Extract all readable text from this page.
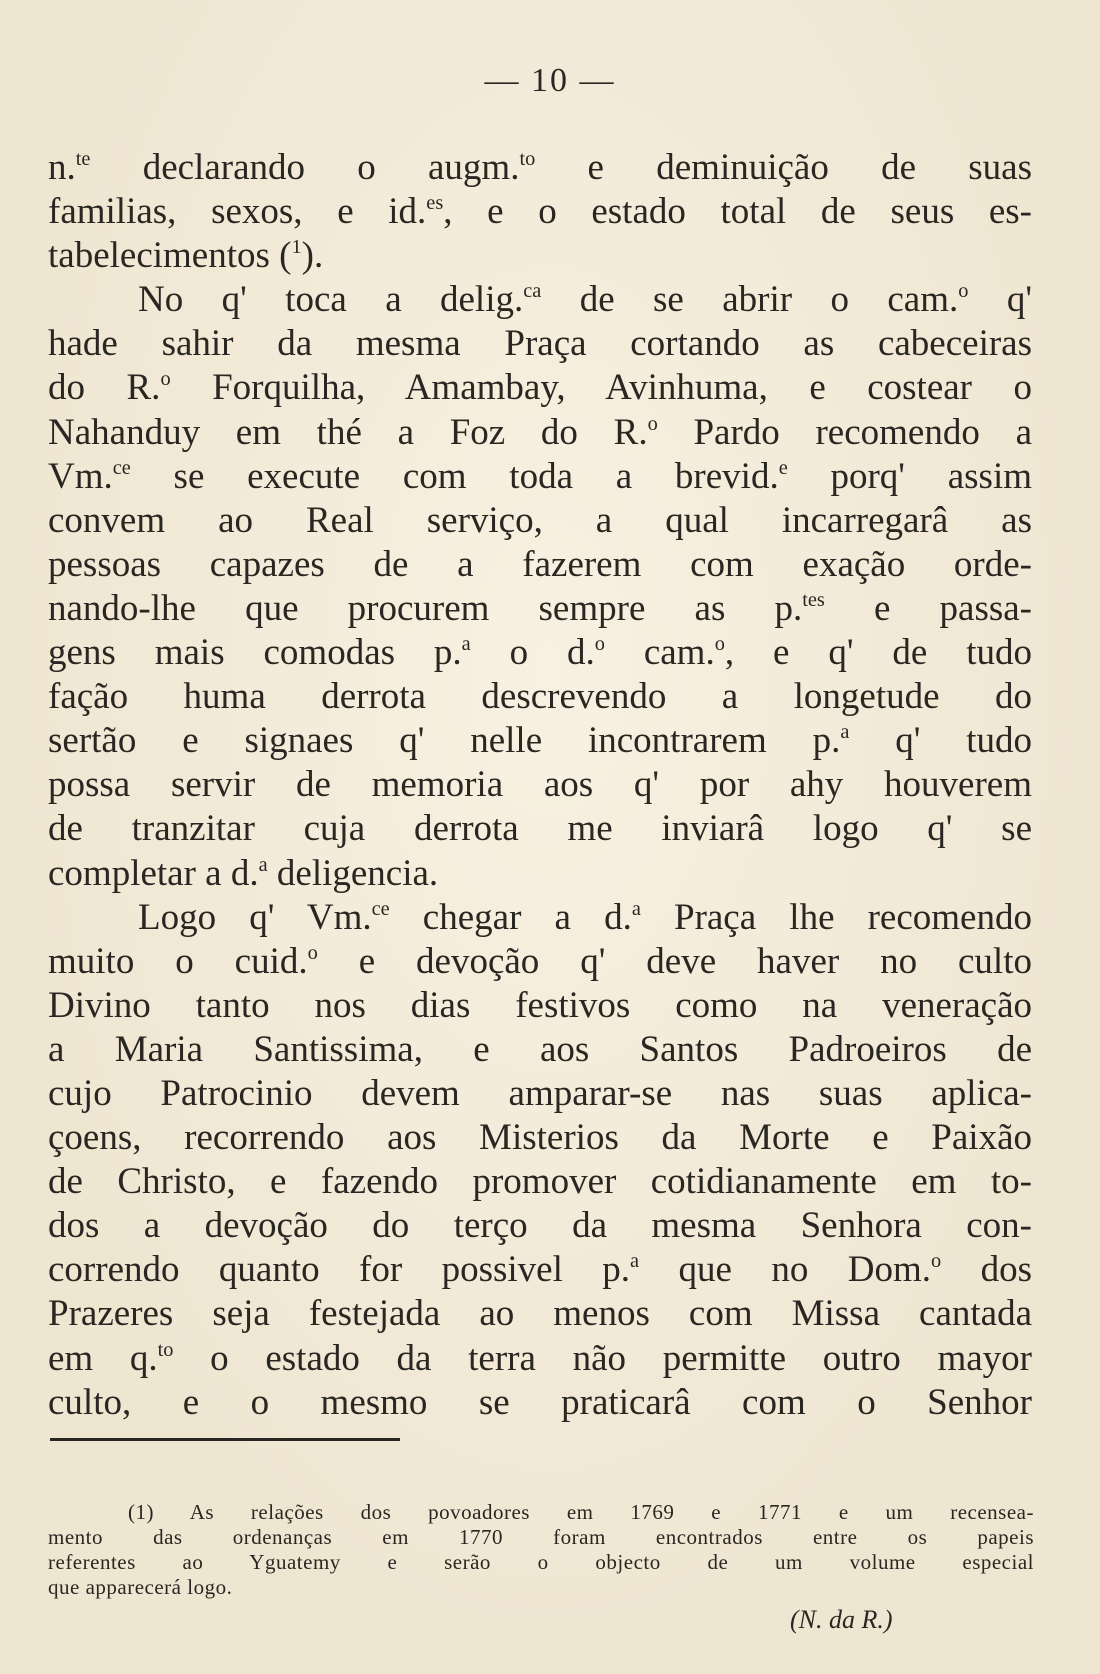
— 10 —
n.$^{te}$ declarando o augm.$^{to}$ e deminuição de suas
familias, sexos, e id.$^{es}$, e o estado total de seus es-
tabelecimentos ($^1$).
No q' toca a delig.$^{ca}$ de se abrir o cam.$^o$ q'
hade sahir da mesma Praça cortando as cabeceiras
do R.$^o$ Forquilha, Amambay, Avinhuma, e costear o
Nahanduy em thé a Foz do R.$^o$ Pardo recomendo a
Vm.$^{ce}$ se execute com toda a brevid.$^e$ porq' assim
convem ao Real serviço, a qual incarregarâ as
pessoas capazes de a fazerem com exação orde-
nando-lhe que procurem sempre as p.$^{tes}$ e passa-
gens mais comodas p.$^a$ o d.$^o$ cam.$^o$, e q' de tudo
fação huma derrota descrevendo a longetude do
sertão e signaes q' nelle incontrarem p.$^a$ q' tudo
possa servir de memoria aos q' por ahy houverem
de tranzitar cuja derrota me inviarâ logo q' se
completar a d.$^a$ deligencia.
Logo q' Vm.$^{ce}$ chegar a d.$^a$ Praça lhe recomendo
muito o cuid.$^o$ e devoção q' deve haver no culto
Divino tanto nos dias festivos como na veneração
a Maria Santissima, e aos Santos Padroeiros de
cujo Patrocinio devem amparar-se nas suas aplica-
çoens, recorrendo aos Misterios da Morte e Paixão
de Christo, e fazendo promover cotidianamente em to-
dos a devoção do terço da mesma Senhora con-
correndo quanto for possivel p.$^a$ que no Dom.$^o$ dos
Prazeres seja festejada ao menos com Missa cantada
em q.$^{to}$ o estado da terra não permitte outro mayor
culto, e o mesmo se praticarâ com o Senhor
(1) As relações dos povoadores em 1769 e 1771 e um recensea-
mento das ordenanças em 1770 foram encontrados entre os papeis
referentes ao Yguatemy e serão o objecto de um volume especial
que apparecerá logo.
(N. da R.)
